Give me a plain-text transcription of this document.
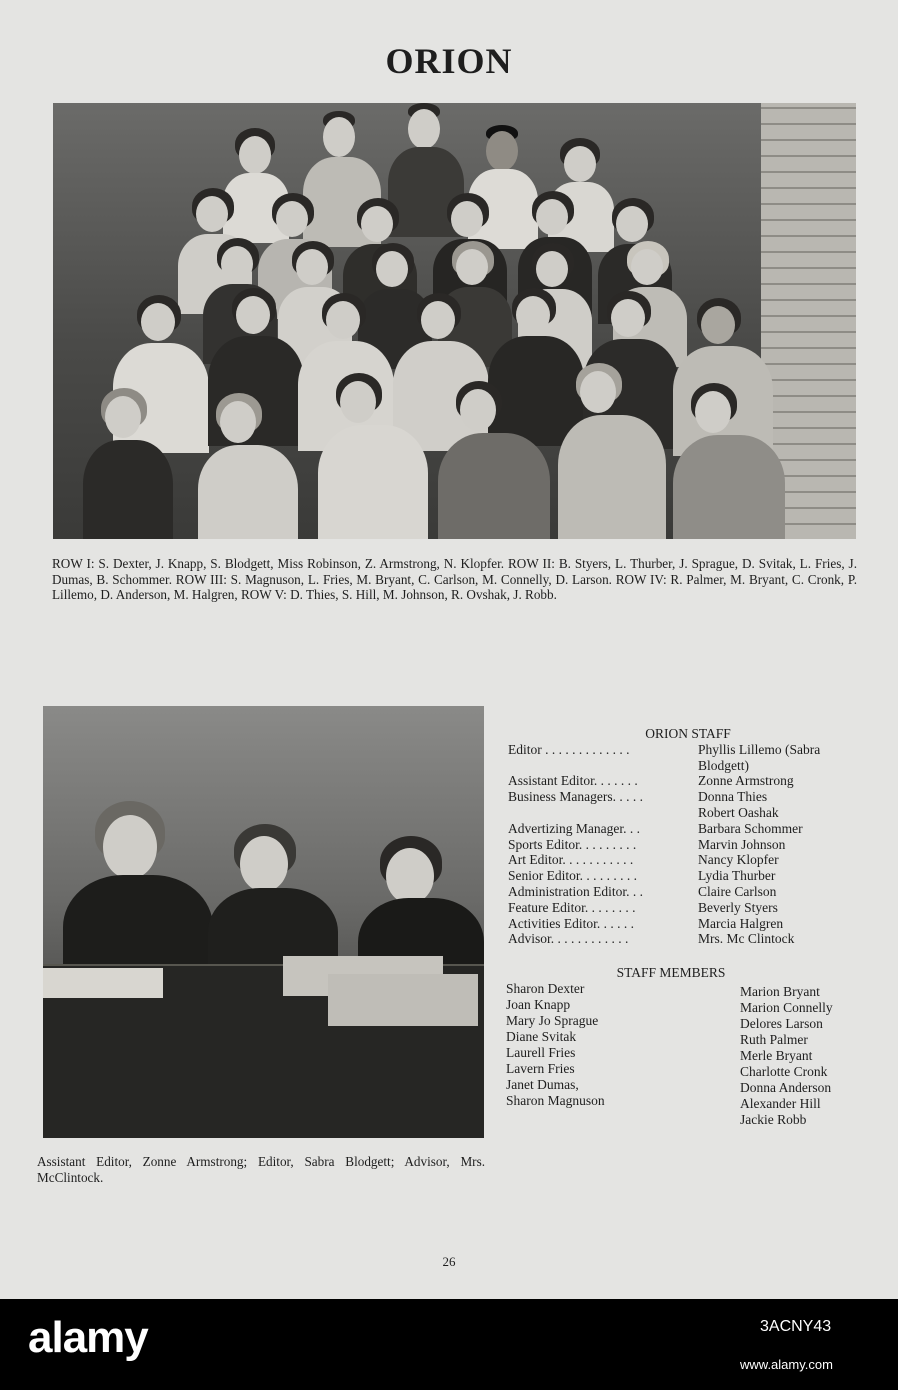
ORION
ROW I: S. Dexter, J. Knapp, S. Blodgett, Miss Robinson, Z. Armstrong, N. Klopfer. ROW II: B. Styers, L. Thurber, J. Sprague, D. Svitak, L. Fries, J. Dumas, B. Schommer. ROW III: S. Magnuson, L. Fries, M. Bryant, C. Carlson, M. Connelly, D. Larson. ROW IV: R. Palmer, M. Bryant, C. Cronk, P. Lillemo, D. Anderson, M. Halgren, ROW V: D. Thies, S. Hill, M. Johnson, R. Ovshak, J. Robb.
Assistant Editor, Zonne Armstrong; Editor, Sabra Blodgett; Advisor, Mrs. McClintock.
ORION STAFF
Editor . . . . . . . . . . . . .	Phyllis Lillemo (Sabra
Blodgett)
Assistant Editor. . . . . . .	Zonne Armstrong
Business Managers. . . . .	Donna Thies
Robert Oashak
Advertizing Manager. . .	Barbara Schommer
Sports Editor. . . . . . . . .	Marvin Johnson
Art Editor. . . . . . . . . . .	Nancy Klopfer
Senior Editor. . . . . . . . .	Lydia Thurber
Administration Editor. . .	Claire Carlson
Feature Editor. . . . . . . .	Beverly Styers
Activities Editor. . . . . .	Marcia Halgren
Advisor. . . . . . . . . . . .	Mrs. Mc Clintock
STAFF MEMBERS
Sharon Dexter
Joan Knapp
Mary Jo Sprague
Diane Svitak
Laurell Fries
Lavern Fries
Janet Dumas,
Sharon Magnuson
Marion Bryant
Marion Connelly
Delores Larson
Ruth Palmer
Merle Bryant
Charlotte Cronk
Donna Anderson
Alexander Hill
Jackie Robb
26
alamy	3ACNY43
www.alamy.com
